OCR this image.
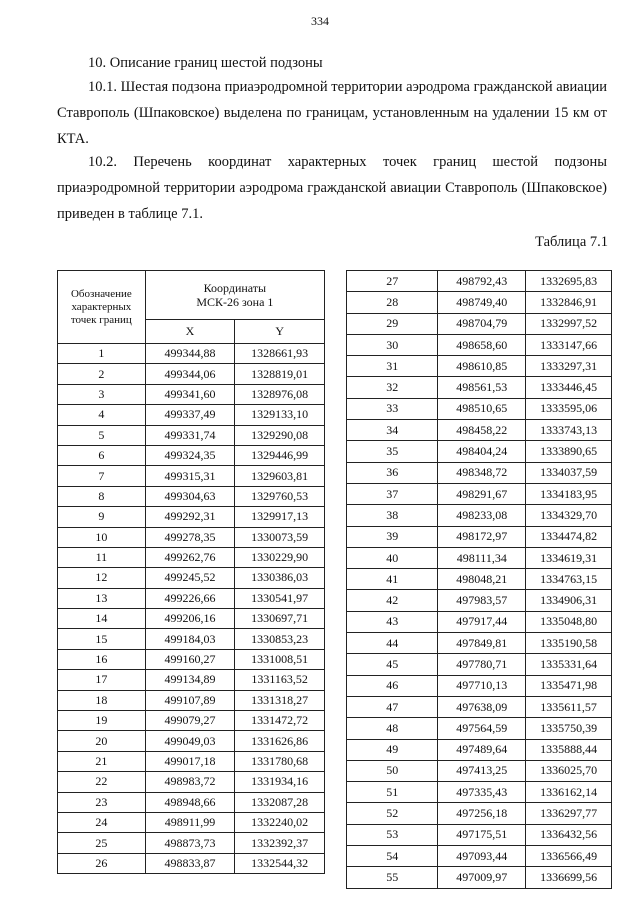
334
10. Описание границ шестой подзоны

10.1. Шестая подзона приаэродромной территории аэродрома гражданской авиации Ставрополь (Шпаковское) выделена по границам, установленным на удалении 15 км от КТА.

10.2. Перечень координат характерных точек границ шестой подзоны приаэродромной территории аэродрома гражданской авиации Ставрополь (Шпаковское) приведен в таблице 7.1.

Таблица 7.1
Обозначение характерных точек границ	Координаты
МСК-26 зона 1	
	X	Y
1	499344,88	1328661,93
2	499344,06	1328819,01
3	499341,60	1328976,08
4	499337,49	1329133,10
5	499331,74	1329290,08
6	499324,35	1329446,99
7	499315,31	1329603,81
8	499304,63	1329760,53
9	499292,31	1329917,13
10	499278,35	1330073,59
11	499262,76	1330229,90
12	499245,52	1330386,03
13	499226,66	1330541,97
14	499206,16	1330697,71
15	499184,03	1330853,23
16	499160,27	1331008,51
17	499134,89	1331163,52
18	499107,89	1331318,27
19	499079,27	1331472,72
20	499049,03	1331626,86
21	499017,18	1331780,68
22	498983,72	1331934,16
23	498948,66	1332087,28
24	498911,99	1332240,02
25	498873,73	1332392,37
26	498833,87	1332544,32
27	498792,43	1332695,83
28	498749,40	1332846,91
29	498704,79	1332997,52
30	498658,60	1333147,66
31	498610,85	1333297,31
32	498561,53	1333446,45
33	498510,65	1333595,06
34	498458,22	1333743,13
35	498404,24	1333890,65
36	498348,72	1334037,59
37	498291,67	1334183,95
38	498233,08	1334329,70
39	498172,97	1334474,82
40	498111,34	1334619,31
41	498048,21	1334763,15
42	497983,57	1334906,31
43	497917,44	1335048,80
44	497849,81	1335190,58
45	497780,71	1335331,64
46	497710,13	1335471,98
47	497638,09	1335611,57
48	497564,59	1335750,39
49	497489,64	1335888,44
50	497413,25	1336025,70
51	497335,43	1336162,14
52	497256,18	1336297,77
53	497175,51	1336432,56
54	497093,44	1336566,49
55	497009,97	1336699,56
